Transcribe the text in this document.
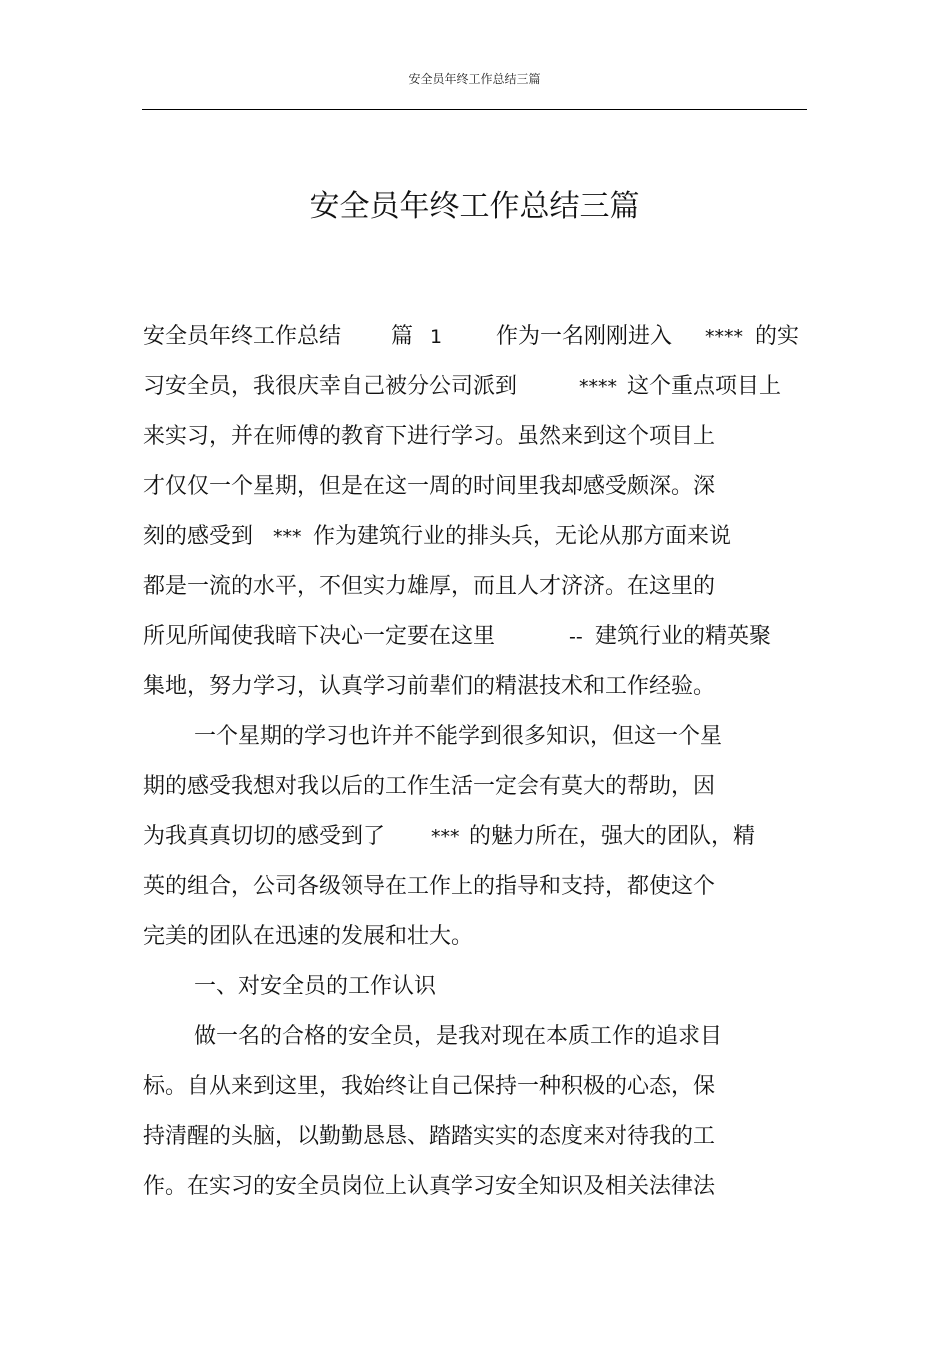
安全员年终工作总结三篇
安全员年终工作总结三篇

安全员年终工作总结

篇

1

作为一名刚刚进入

****

的实

习安全员，我很庆幸自己被分公司派到

	****

这个重点项目上

来实习，并在师傅的教育下进行学习。虽然来到这个项目上

才仅仅一个星期，但是在这一周的时间里我却感受颇深。深

刻的感受到

***

作为建筑行业的排头兵，无论从那方面来说

都是一流的水平，不但实力雄厚，而且人才济济。在这里的

所见所闻使我暗下决心一定要在这里

	--

建筑行业的精英聚

集地，努力学习，认真学习前辈们的精湛技术和工作经验。

一个星期的学习也许并不能学到很多知识，但这一个星

期的感受我想对我以后的工作生活一定会有莫大的帮助，因

为我真真切切的感受到了

***

的魅力所在，强大的团队，精

英的组合，公司各级领导在工作上的指导和支持，都使这个

完美的团队在迅速的发展和壮大。

一、对安全员的工作认识

做一名的合格的安全员，是我对现在本质工作的追求目

标。自从来到这里，我始终让自己保持一种积极的心态，保

持清醒的头脑，以勤勤恳恳、踏踏实实的态度来对待我的工

作。在实习的安全员岗位上认真学习安全知识及相关法律法
